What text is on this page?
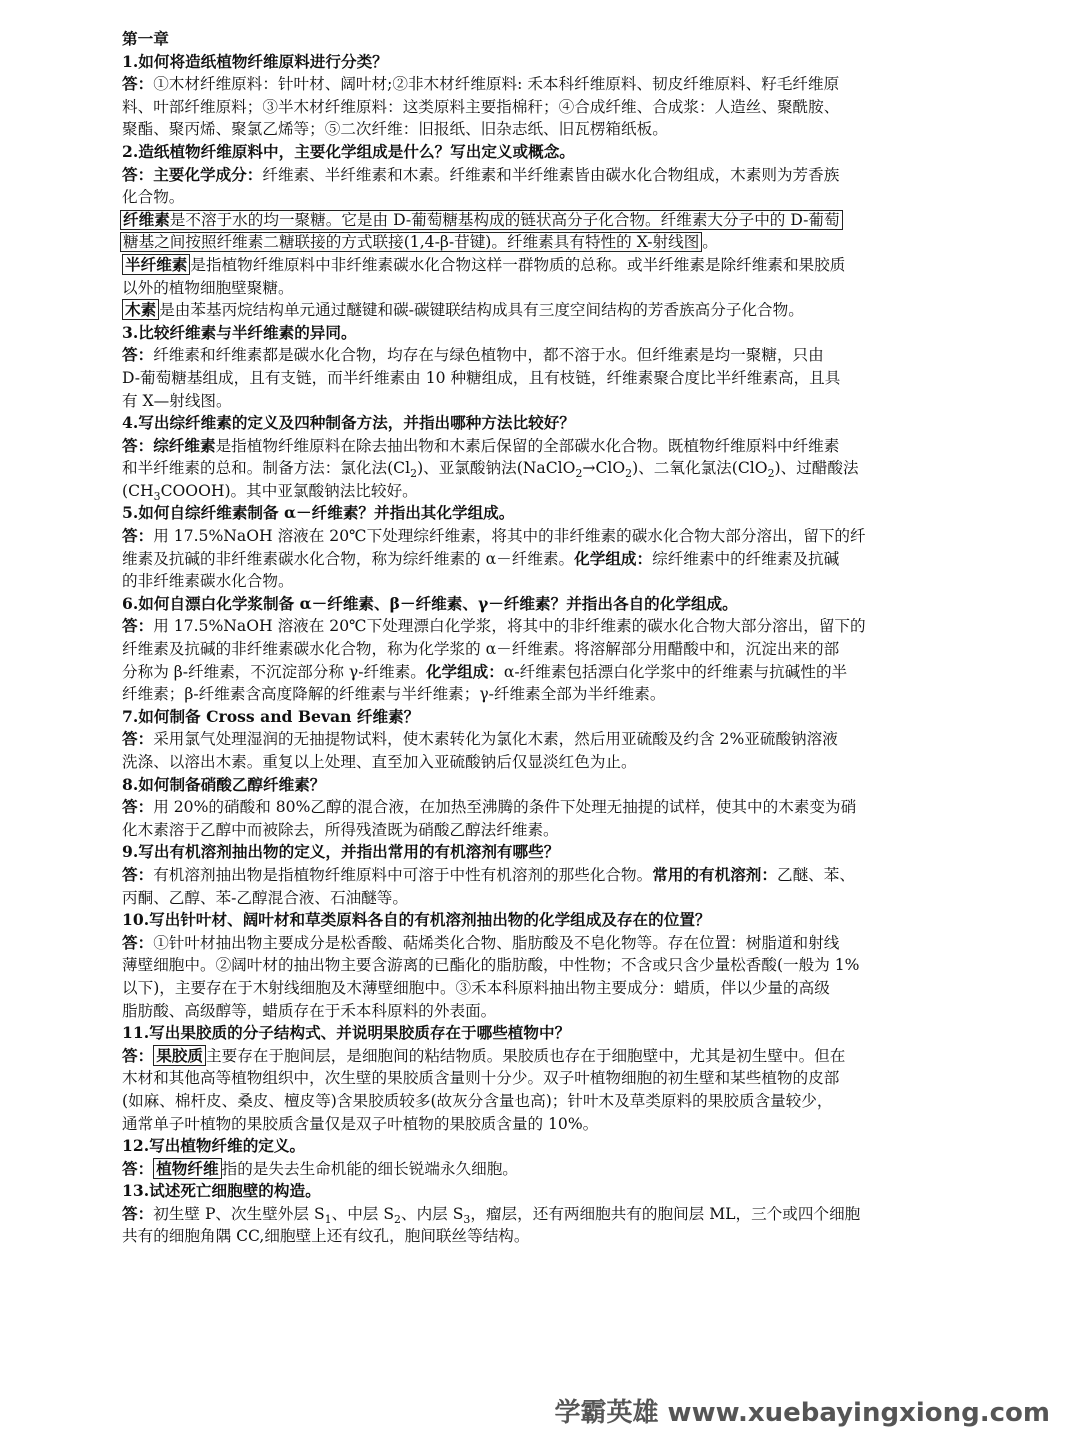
第一章
1.如何将造纸植物纤维原料进行分类？
答：①木材纤维原料：针叶材、阔叶材;②非木材纤维原料: 禾本科纤维原料、韧皮纤维原料、籽毛纤维原
料、叶部纤维原料；③半木材纤维原料：这类原料主要指棉秆；④合成纤维、合成浆：人造丝、聚酰胺、
聚酯、聚丙烯、聚氯乙烯等；⑤二次纤维：旧报纸、旧杂志纸、旧瓦楞箱纸板。
2.造纸植物纤维原料中，主要化学组成是什么？写出定义或概念。
答：主要化学成分：纤维素、半纤维素和木素。纤维素和半纤维素皆由碳水化合物组成，木素则为芳香族
化合物。
纤维素是不溶于水的均一聚糖。它是由 D-葡萄糖基构成的链状高分子化合物。纤维素大分子中的 D-葡萄
糖基之间按照纤维素二糖联接的方式联接(1,4-β-苷键)。纤维素具有特性的 X-射线图 。
半纤维素 是指植物纤维原料中非纤维素碳水化合物这样一群物质的总称。或半纤维素是除纤维素和果胶质
以外的植物细胞壁聚糖。
木素 是由苯基丙烷结构单元通过醚键和碳-碳键联结构成具有三度空间结构的芳香族高分子化合物。
3.比较纤维素与半纤维素的异同。
答：纤维素和纤维素都是碳水化合物，均存在与绿色植物中，都不溶于水。但纤维素是均一聚糖，只由
D-葡萄糖基组成，且有支链，而半纤维素由 10 种糖组成，且有枝链，纤维素聚合度比半纤维素高，且具
有 X—射线图。
4.写出综纤维素的定义及四种制备方法，并指出哪种方法比较好？
答：综纤维素是指植物纤维原料在除去抽出物和木素后保留的全部碳水化合物。既植物纤维原料中纤维素
和半纤维素的总和。制备方法：氯化法$(Cl_2)$、亚氯酸钠法(NaClO$_2$→ClO$_2$)、二氧化氯法(ClO$_2$)、过醋酸法
$(CH_3COOOH)$。其中亚氯酸钠法比较好。
5.如何自综纤维素制备 α－纤维素？并指出其化学组成。
答：用 17.5%NaOH 溶液在 20℃下处理综纤维素，将其中的非纤维素的碳水化合物大部分溶出，留下的纤
维素及抗碱的非纤维素碳水化合物，称为综纤维素的 α－纤维素。化学组成：综纤维素中的纤维素及抗碱
的非纤维素碳水化合物。
6.如何自漂白化学浆制备 α－纤维素、β－纤维素、γ－纤维素？并指出各自的化学组成。
答：用 17.5%NaOH 溶液在 20℃下处理漂白化学浆，将其中的非纤维素的碳水化合物大部分溶出，留下的
纤维素及抗碱的非纤维素碳水化合物，称为化学浆的 α－纤维素。将溶解部分用醋酸中和，沉淀出来的部
分称为 β-纤维素，不沉淀部分称 γ-纤维素。化学组成：α-纤维素包括漂白化学浆中的纤维素与抗碱性的半
纤维素；β-纤维素含高度降解的纤维素与半纤维素；γ-纤维素全部为半纤维素。
7.如何制备 Cross and Bevan 纤维素？
答：采用氯气处理湿润的无抽提物试料，使木素转化为氯化木素，然后用亚硫酸及约含 2%亚硫酸钠溶液
洗涤、以溶出木素。重复以上处理、直至加入亚硫酸钠后仅显淡红色为止。
8.如何制备硝酸乙醇纤维素？
答：用 20%的硝酸和 80%乙醇的混合液，在加热至沸腾的条件下处理无抽提的试样，使其中的木素变为硝
化木素溶于乙醇中而被除去，所得残渣既为硝酸乙醇法纤维素。
9.写出有机溶剂抽出物的定义，并指出常用的有机溶剂有哪些？
答：有机溶剂抽出物是指植物纤维原料中可溶于中性有机溶剂的那些化合物。常用的有机溶剂：乙醚、苯、
丙酮、乙醇、苯-乙醇混合液、石油醚等。
10.写出针叶材、阔叶材和草类原料各自的有机溶剂抽出物的化学组成及存在的位置？
答：①针叶材抽出物主要成分是松香酸、萜烯类化合物、脂肪酸及不皂化物等。存在位置：树脂道和射线
薄壁细胞中。②阔叶材的抽出物主要含游离的已酯化的脂肪酸，中性物；不含或只含少量松香酸(一般为 1%
以下)，主要存在于木射线细胞及木薄壁细胞中。③禾本科原料抽出物主要成分：蜡质，伴以少量的高级
脂肪酸、高级醇等，蜡质存在于禾本科原料的外表面。
11.写出果胶质的分子结构式、并说明果胶质存在于哪些植物中？
答： 果胶质 主要存在于胞间层，是细胞间的粘结物质。果胶质也存在于细胞壁中，尤其是初生壁中。但在
木材和其他高等植物组织中，次生壁的果胶质含量则十分少。双子叶植物细胞的初生壁和某些植物的皮部
(如麻、棉杆皮、桑皮、檀皮等)含果胶质较多(故灰分含量也高)；针叶木及草类原料的果胶质含量较少，
通常单子叶植物的果胶质含量仅是双子叶植物的果胶质含量的 10%。
12.写出植物纤维的定义。
答： 植物纤维 指的是失去生命机能的细长锐端永久细胞。
13.试述死亡细胞壁的构造。
答：初生壁 P、次生壁外层 $S_1$、中层 $S_2$、内层 $S_3$，瘤层，还有两细胞共有的胞间层 ML，三个或四个细胞
共有的细胞角隅 CC,细胞壁上还有纹孔，胞间联丝等结构。
学霸英雄 www.xuebayingxiong.com
